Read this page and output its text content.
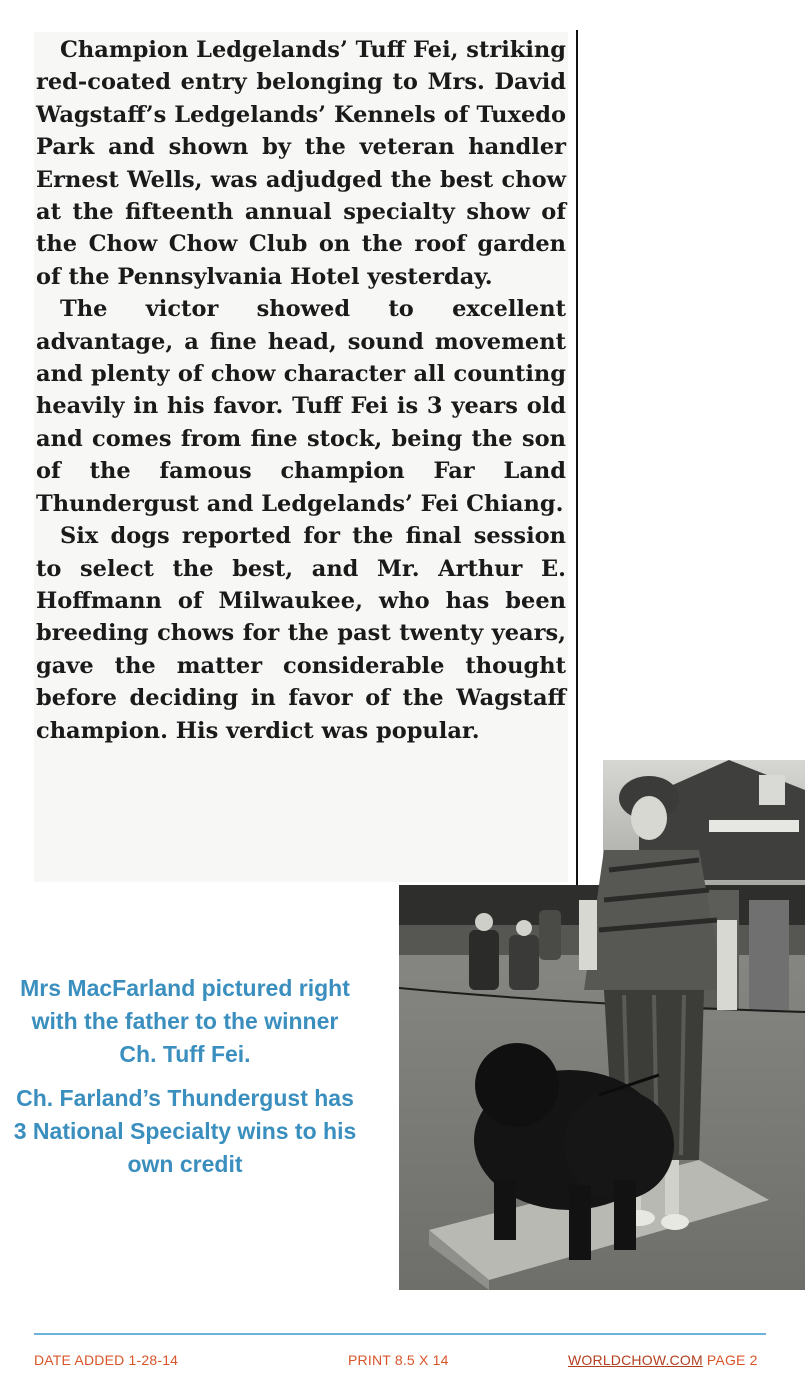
Champion Ledgelands’ Tuff Fei, striking red-coated entry belonging to Mrs. David Wagstaff’s Ledgelands’ Kennels of Tuxedo Park and shown by the veteran handler Ernest Wells, was adjudged the best chow at the fifteenth annual specialty show of the Chow Chow Club on the roof garden of the Pennsylvania Hotel yesterday.

The victor showed to excellent advantage, a fine head, sound movement and plenty of chow character all counting heavily in his favor. Tuff Fei is 3 years old and comes from fine stock, being the son of the famous champion Far Land Thundergust and Ledgelands’ Fei Chiang.

Six dogs reported for the final session to select the best, and Mr. Arthur E. Hoffmann of Milwaukee, who has been breeding chows for the past twenty years, gave the matter considerable thought before deciding in favor of the Wagstaff champion. His verdict was popular.

Mrs MacFarland pictured right with the father to the winner Ch. Tuff Fei.
Ch. Farland’s Thundergust has 3 National Specialty wins to his own credit
DATE ADDED 1-28-14	PRINT 8.5 X 14	WORLDCHOW.COM PAGE 2
